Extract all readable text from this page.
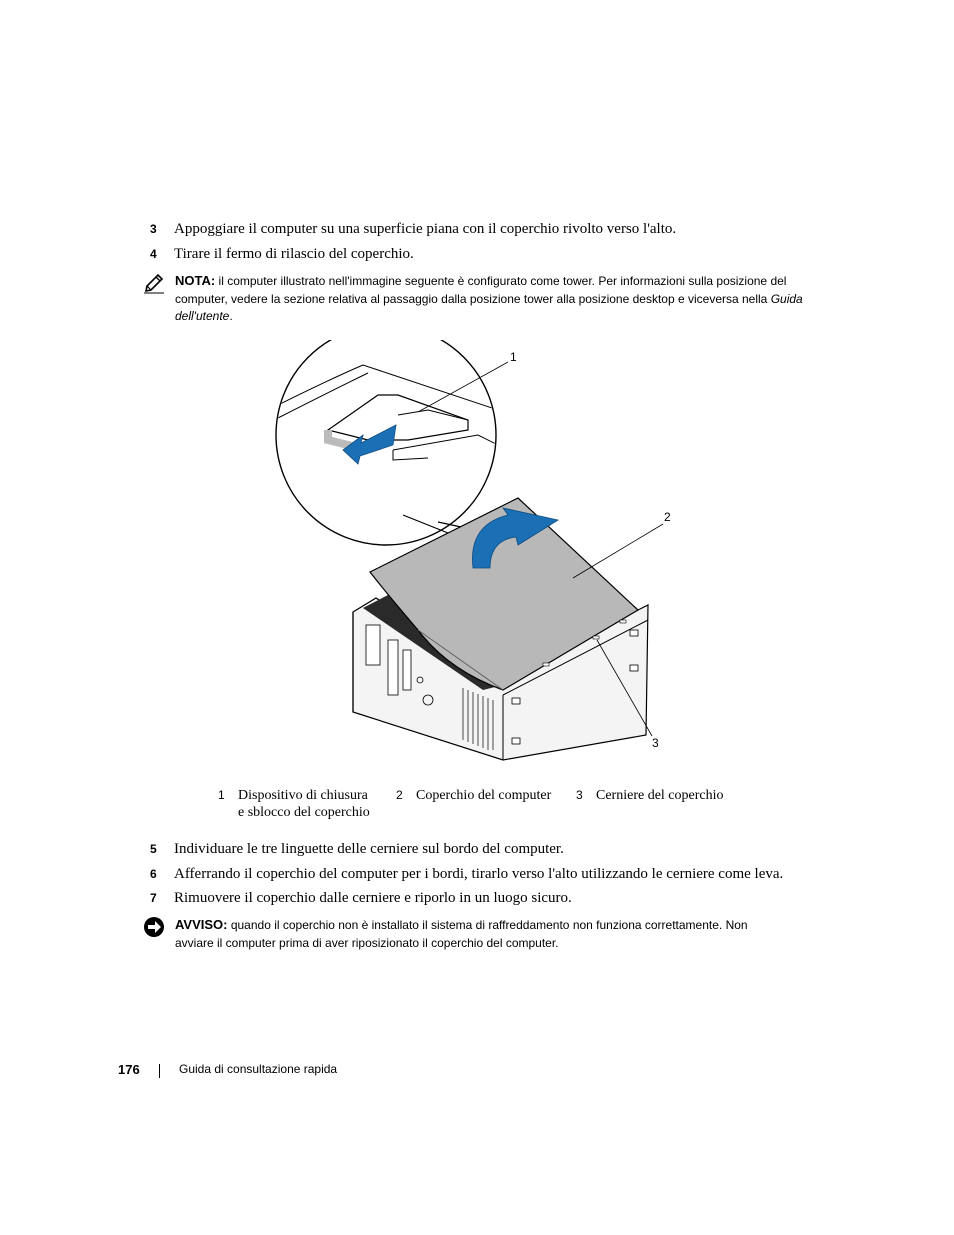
3 Appoggiare il computer su una superficie piana con il coperchio rivolto verso l'alto.
4 Tirare il fermo di rilascio del coperchio.
NOTA: il computer illustrato nell'immagine seguente è configurato come tower. Per informazioni sulla posizione del computer, vedere la sezione relativa al passaggio dalla posizione tower alla posizione desktop e viceversa nella Guida dell'utente.
1
2
3
1 Dispositivo di chiusura
e sblocco del coperchio
2 Coperchio del computer 3 Cerniere del coperchio
5 Individuare le tre linguette delle cerniere sul bordo del computer.
6 Afferrando il coperchio del computer per i bordi, tirarlo verso l'alto utilizzando le cerniere come leva.
7 Rimuovere il coperchio dalle cerniere e riporlo in un luogo sicuro.
AVVISO: quando il coperchio non è installato il sistema di raffreddamento non funziona correttamente. Non avviare il computer prima di aver riposizionato il coperchio del computer.
176	Guida di consultazione rapida
